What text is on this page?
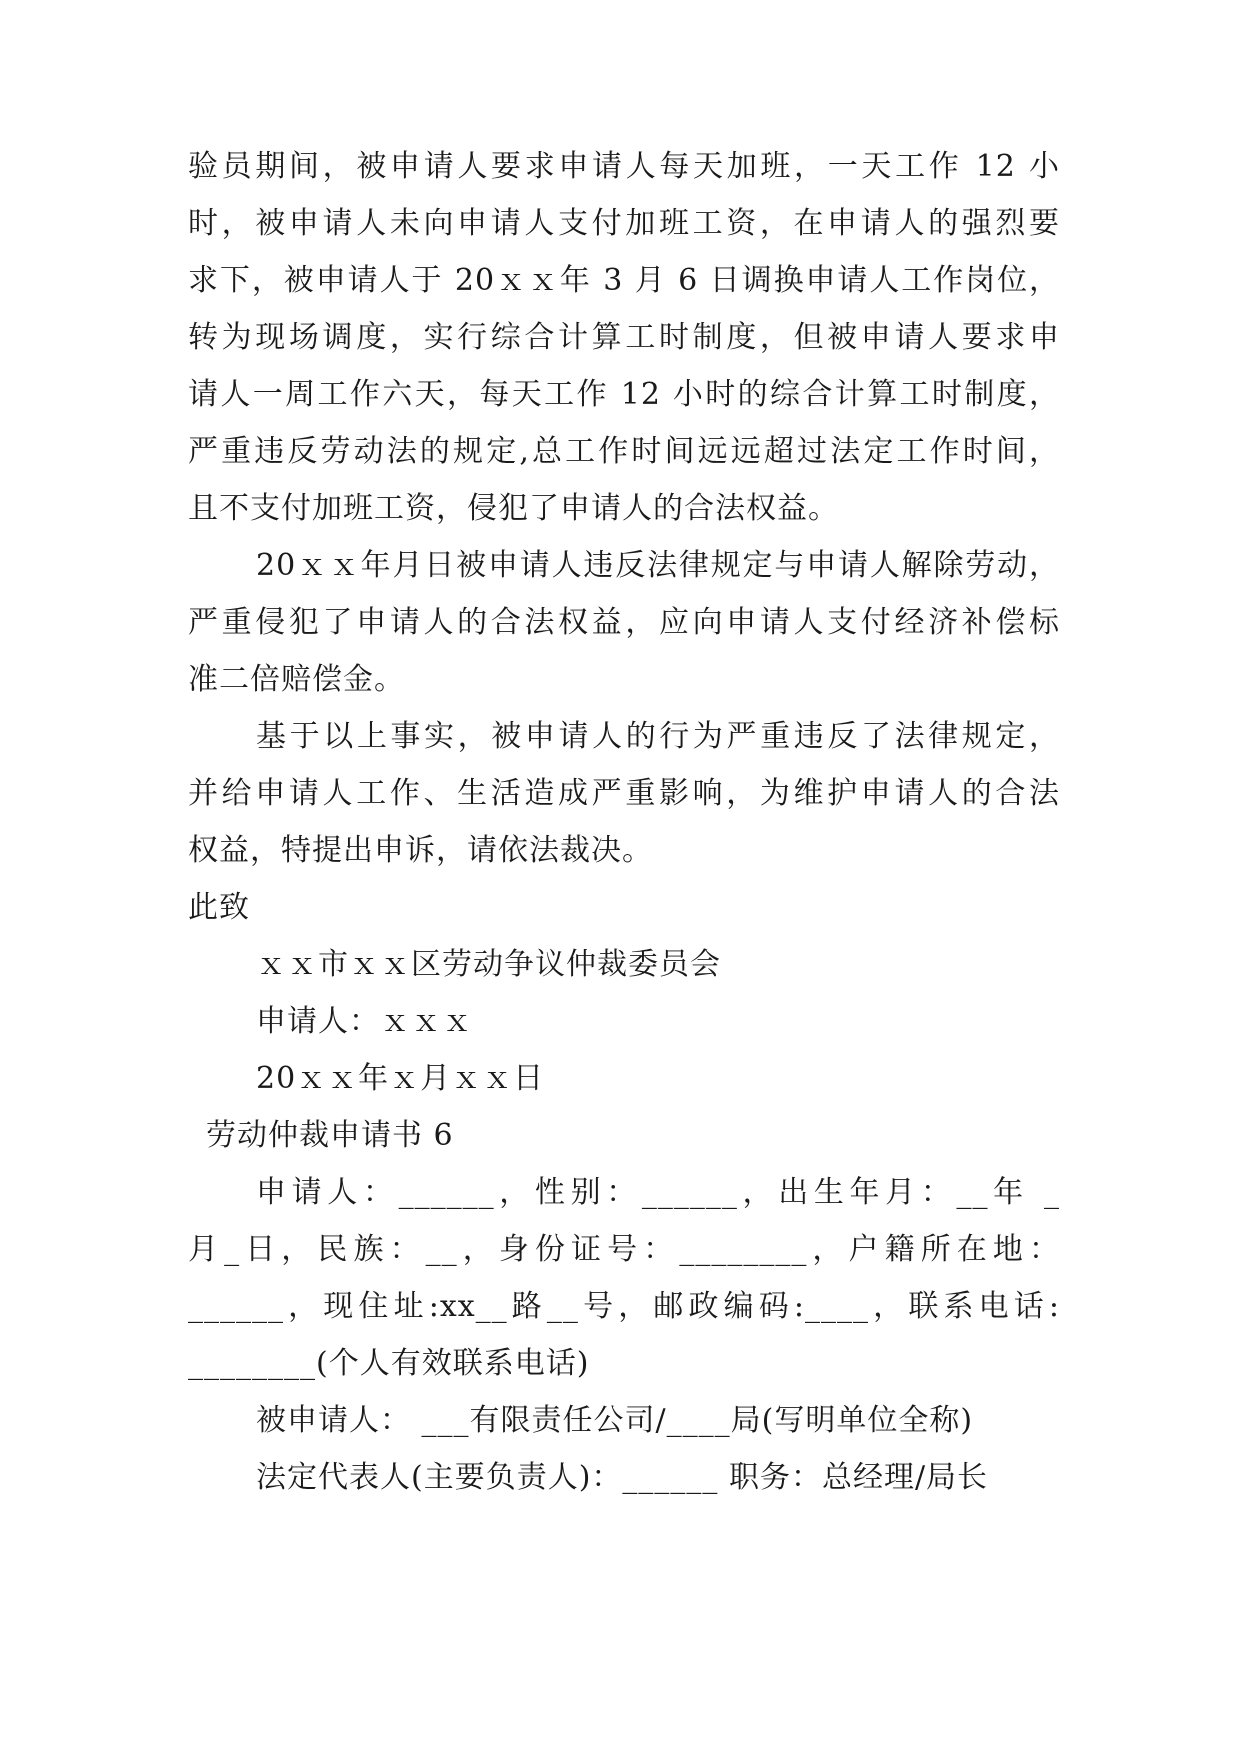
验员期间，被申请人要求申请人每天加班，一天工作 12 小
时，被申请人未向申请人支付加班工资，在申请人的强烈要
求下，被申请人于 20ｘｘ年 3 月 6 日调换申请人工作岗位，
转为现场调度，实行综合计算工时制度，但被申请人要求申
请人一周工作六天，每天工作 12 小时的综合计算工时制度，
严重违反劳动法的规定,总工作时间远远超过法定工作时间，
且不支付加班工资，侵犯了申请人的合法权益。
20ｘｘ年月日被申请人违反法律规定与申请人解除劳动，
严重侵犯了申请人的合法权益，应向申请人支付经济补偿标
准二倍赔偿金。
基于以上事实，被申请人的行为严重违反了法律规定，
并给申请人工作、生活造成严重影响，为维护申请人的合法
权益，特提出申诉，请依法裁决。
此致
ｘｘ市ｘｘ区劳动争议仲裁委员会
申请人：ｘｘｘ
20ｘｘ年ｘ月ｘｘ日
劳动仲裁申请书 6
申请人：______，性别：______，出生年月：__年 _
月_日，民族：__，身份证号：________，户籍所在地：
______，现住址:xx__路__号，邮政编码:____，联系电话:
________(个人有效联系电话)
被申请人： ___有限责任公司/____局(写明单位全称)
法定代表人(主要负责人)：______ 职务：总经理/局长
